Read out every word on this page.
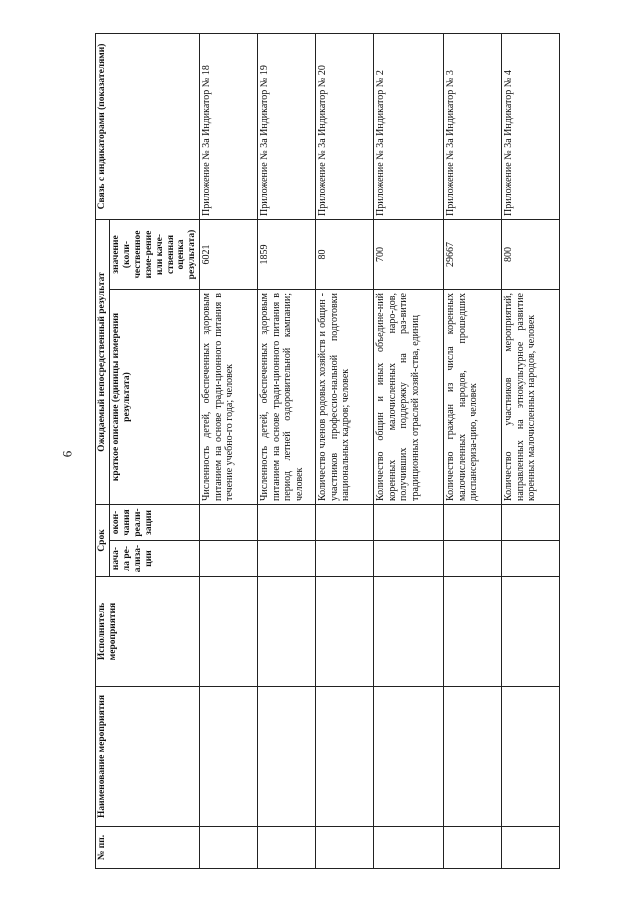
6
№ пп.	Наименование мероприятия	Исполнитель мероприятия	Срок		Ожидаемый непосредственный результат		Связь с индикаторами (показателями)
			нача-ла ре-ализа-ции	окон-чания реали-зации	краткое описание (единицы измерения результата)	значение (коли-чественное изме-рение или каче-ственная оценка результата)	
					Численность детей, обеспеченных здоровым питанием на основе тради-ционного питания в течение учебно-го года; человек	6021	Приложение № 3а Индикатор № 18
					Численность детей, обеспеченных здоровым питанием на основе тради-ционного питания в период летней оздоровительной кампании; человек	1859	Приложение № 3а Индикатор № 19
					Количество членов родовых хозяйств и общин - участников профессио-нальной подготовки национальных кадров; человек	80	Приложение № 3а Индикатор № 20
					Количество общин и иных объедине-ний коренных малочисленных наро-дов, получивших поддержку на раз-витие традиционных отраслей хозяй-ства, единиц	700	Приложение № 3а Индикатор № 2
					Количество граждан из числа коренных малочисленных народов, прошедших диспансериза-цию, человек	29667	Приложение № 3а Индикатор № 3
					Количество участников мероприятий, направленных на этнокультурное развитие коренных малочисленных народов, человек	800	Приложение № 3а Индикатор № 4
